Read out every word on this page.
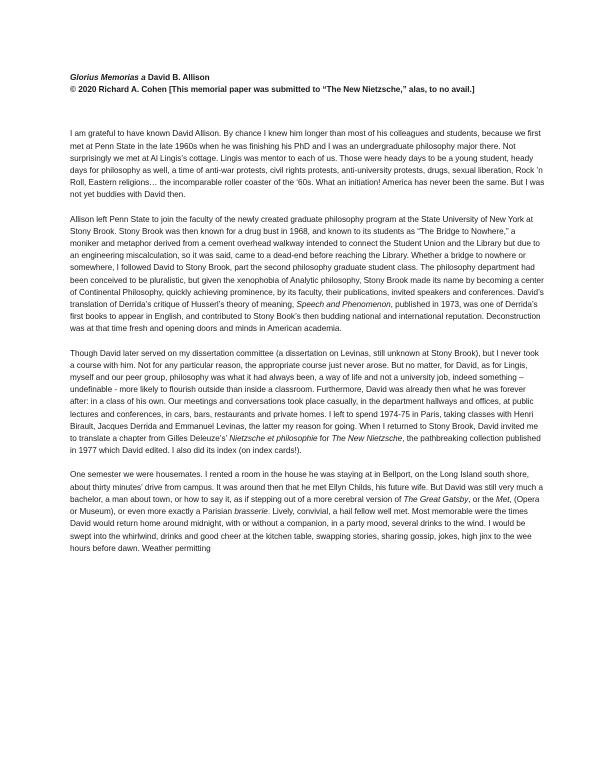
Glorius Memorias a David B. Allison
© 2020 Richard A. Cohen [This memorial paper was submitted to “The New Nietzsche,” alas, to no avail.]

I am grateful to have known David Allison. By chance I knew him longer than most of his colleagues and students, because we first met at Penn State in the late 1960s when he was finishing his PhD and I was an undergraduate philosophy major there. Not surprisingly we met at Al Lingis’s cottage. Lingis was mentor to each of us. Those were heady days to be a young student, heady days for philosophy as well, a time of anti-war protests, civil rights protests, anti-university protests, drugs, sexual liberation, Rock ’n Roll, Eastern religions… the incomparable roller coaster of the ‘60s. What an initiation! America has never been the same. But I was not yet buddies with David then.

Allison left Penn State to join the faculty of the newly created graduate philosophy program at the State University of New York at Stony Brook. Stony Brook was then known for a drug bust in 1968, and known to its students as “The Bridge to Nowhere,” a moniker and metaphor derived from a cement overhead walkway intended to connect the Student Union and the Library but due to an engineering miscalculation, so it was said, came to a dead-end before reaching the Library. Whether a bridge to nowhere or somewhere, I followed David to Stony Brook, part the second philosophy graduate student class. The philosophy department had been conceived to be pluralistic, but given the xenophobia of Analytic philosophy, Stony Brook made its name by becoming a center of Continental Philosophy, quickly achieving prominence, by its faculty, their publications, invited speakers and conferences. David’s translation of Derrida’s critique of Husserl’s theory of meaning, Speech and Phenomenon, published in 1973, was one of Derrida’s first books to appear in English, and contributed to Stony Book’s then budding national and international reputation. Deconstruction was at that time fresh and opening doors and minds in American academia.

Though David later served on my dissertation committee (a dissertation on Levinas, still unknown at Stony Brook), but I never took a course with him. Not for any particular reason, the appropriate course just never arose. But no matter, for David, as for Lingis, myself and our peer group, philosophy was what it had always been, a way of life and not a university job, indeed something – undefinable - more likely to flourish outside than inside a classroom. Furthermore, David was already then what he was forever after: in a class of his own. Our meetings and conversations took place casually, in the department hallways and offices, at public lectures and conferences, in cars, bars, restaurants and private homes. I left to spend 1974-75 in Paris, taking classes with Henri Birault, Jacques Derrida and Emmanuel Levinas, the latter my reason for going. When I returned to Stony Brook, David invited me to translate a chapter from Gilles Deleuze’s’ Nietzsche et philosophie for The New Nietzsche, the pathbreaking collection published in 1977 which David edited. I also did its index (on index cards!).

One semester we were housemates. I rented a room in the house he was staying at in Bellport, on the Long Island south shore, about thirty minutes’ drive from campus. It was around then that he met Ellyn Childs, his future wife. But David was still very much a bachelor, a man about town, or how to say it, as if stepping out of a more cerebral version of The Great Gatsby, or the Met, (Opera or Museum), or even more exactly a Parisian brasserie. Lively, convivial, a hail fellow well met. Most memorable were the times David would return home around midnight, with or without a companion, in a party mood, several drinks to the wind. I would be swept into the whirlwind, drinks and good cheer at the kitchen table, swapping stories, sharing gossip, jokes, high jinx to the wee hours before dawn. Weather permitting
